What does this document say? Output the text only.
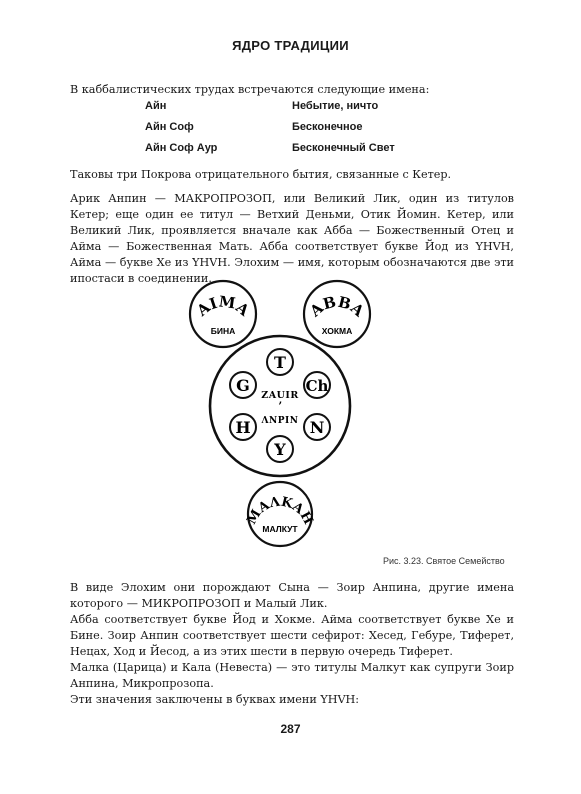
ЯДРО ТРАДИЦИИ

В каббалистических трудах встречаются следующие имена:

Айн	Небытие, ничто
Айн Соф	Бесконечное
Айн Соф Аур	Бесконечный Свет

Таковы три Покрова отрицательного бытия, связанные с Кетер.

Арик Анпин — МАКРОПРОЗОП, или Великий Лик, один из титулов Кетер; еще один ее титул — Ветхий Деньми, Отик Йомин. Кетер, или Великий Лик, проявляется вначале как Абба — Божественный Отец и Айма — Божественная Мать. Абба соответствует букве Йод из YHVH, Айма — букве Хе из YHVH. Элохим — имя, которым обозначаются две эти ипостаси в соединении.

ΑΙΜΑ
БИНА
ΑΒΒΑ
ХОКМА
T
G	Ch
H	N
Y
ZAUIR
ʼ
ΛΝΡΙΝ
ΜΑΛΚΑΗ
МАЛКУТ
Рис. 3.23. Святое Семейство

В виде Элохим они порождают Сына — Зоир Анпина, другие имена которого — МИКРОПРОЗОП и Малый Лик.

Абба соответствует букве Йод и Хокме. Айма соответствует букве Хе и Бине. Зоир Анпин соответствует шести сефирот: Хесед, Гебуре, Тиферет, Нецах, Ход и Йесод, а из этих шести в первую очередь Тиферет.

Малка (Царица) и Кала (Невеста) — это титулы Малкут как супруги Зоир Анпина, Микропрозопа.

Эти значения заключены в буквах имени YHVH:

287
